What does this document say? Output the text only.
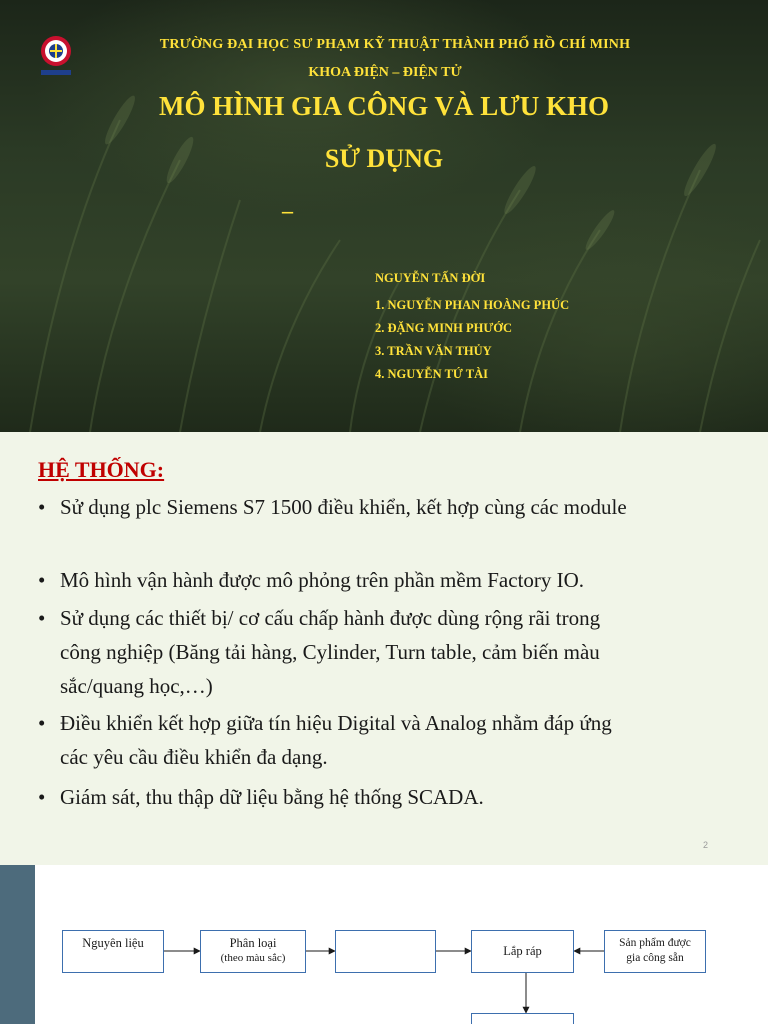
TRƯỜNG ĐẠI HỌC SƯ PHẠM KỸ THUẬT THÀNH PHỐ HỒ CHÍ MINH
KHOA ĐIỆN – ĐIỆN TỬ
MÔ HÌNH GIA CÔNG VÀ LƯU KHO
SỬ DỤNG
–
NGUYỄN TẤN ĐỜI
1. NGUYỄN PHAN HOÀNG PHÚC
2. ĐẶNG MINH PHƯỚC
3. TRẦN VĂN THỦY
4. NGUYỄN TỨ TÀI
HỆ THỐNG:
• Sử dụng plc Siemens S7 1500 điều khiển, kết hợp cùng các module
• Mô hình vận hành được mô phỏng trên phần mềm Factory IO.
• Sử dụng các thiết bị/ cơ cấu chấp hành được dùng rộng rãi trong
công nghiệp (Băng tải hàng, Cylinder, Turn table, cảm biến màu
sắc/quang học,…)
• Điều khiển kết hợp giữa tín hiệu Digital và Analog nhằm đáp ứng
các yêu cầu điều khiển đa dạng.
• Giám sát, thu thập dữ liệu bằng hệ thống SCADA.
2
Nguyên liệu	Phân loại
(theo màu sắc)	Lắp ráp
Sản phẩm được
gia công sẵn
